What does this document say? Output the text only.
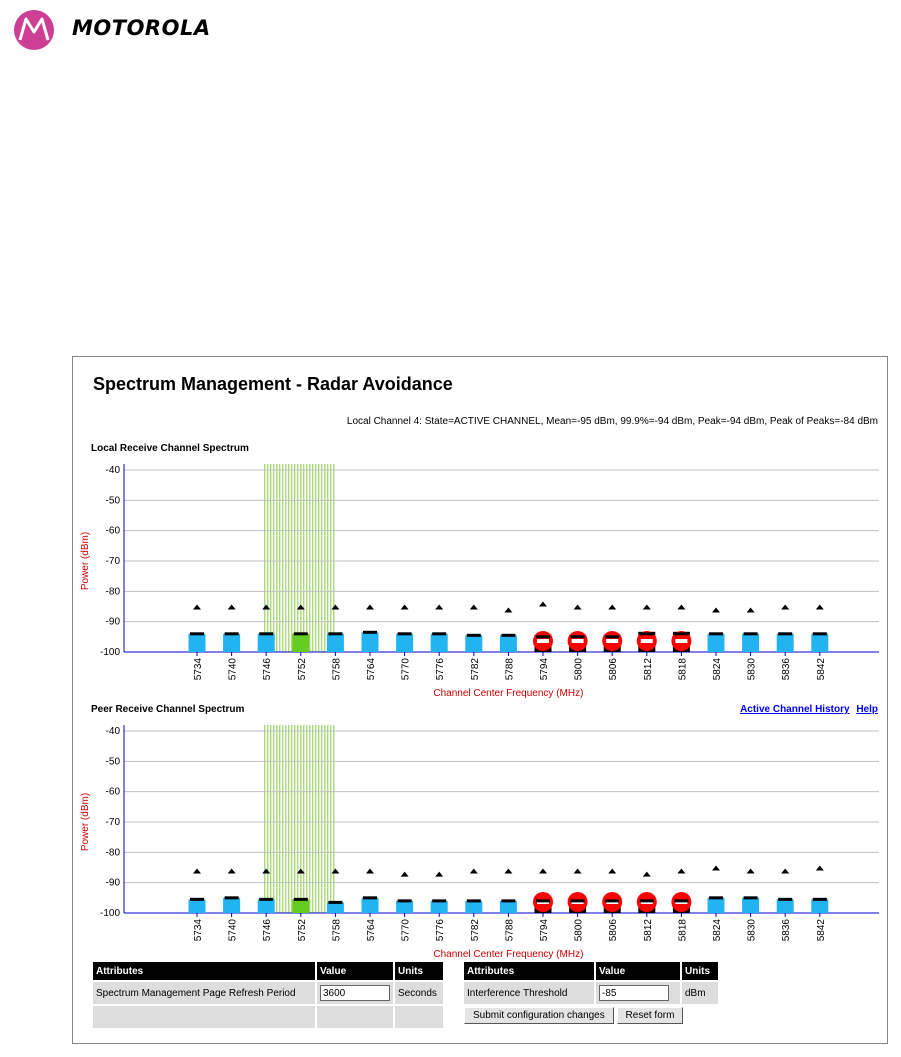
MOTOROLA
Spectrum Management - Radar Avoidance
Local Channel 4: State=ACTIVE CHANNEL, Mean=-95 dBm, 99.9%=-94 dBm, Peak=-94 dBm, Peak of Peaks=-84 dBm
Local Receive Channel Spectrum
-40
-50
-60
-70
-80
-90
-100
Power (dBm)
5734 5740 5746 5752 5758 5764 5770 5776 5782 5788 5794 5800 5806 5812 5818 5824 5830 5836 5842
Channel Center Frequency (MHz)
Peer Receive Channel Spectrum	Active Channel History Help
-40
-50
-60
-70
-80
-90
-100
Power (dBm)
5734 5740 5746 5752 5758 5764 5770 5776 5782 5788 5794 5800 5806 5812 5818 5824 5830 5836 5842
Channel Center Frequency (MHz)
Attributes	Value	Units
Spectrum Management Page Refresh Period	3600	Seconds

Attributes	Value	Units
Interference Threshold	-85	dBm
Submit configuration changes Reset form		
